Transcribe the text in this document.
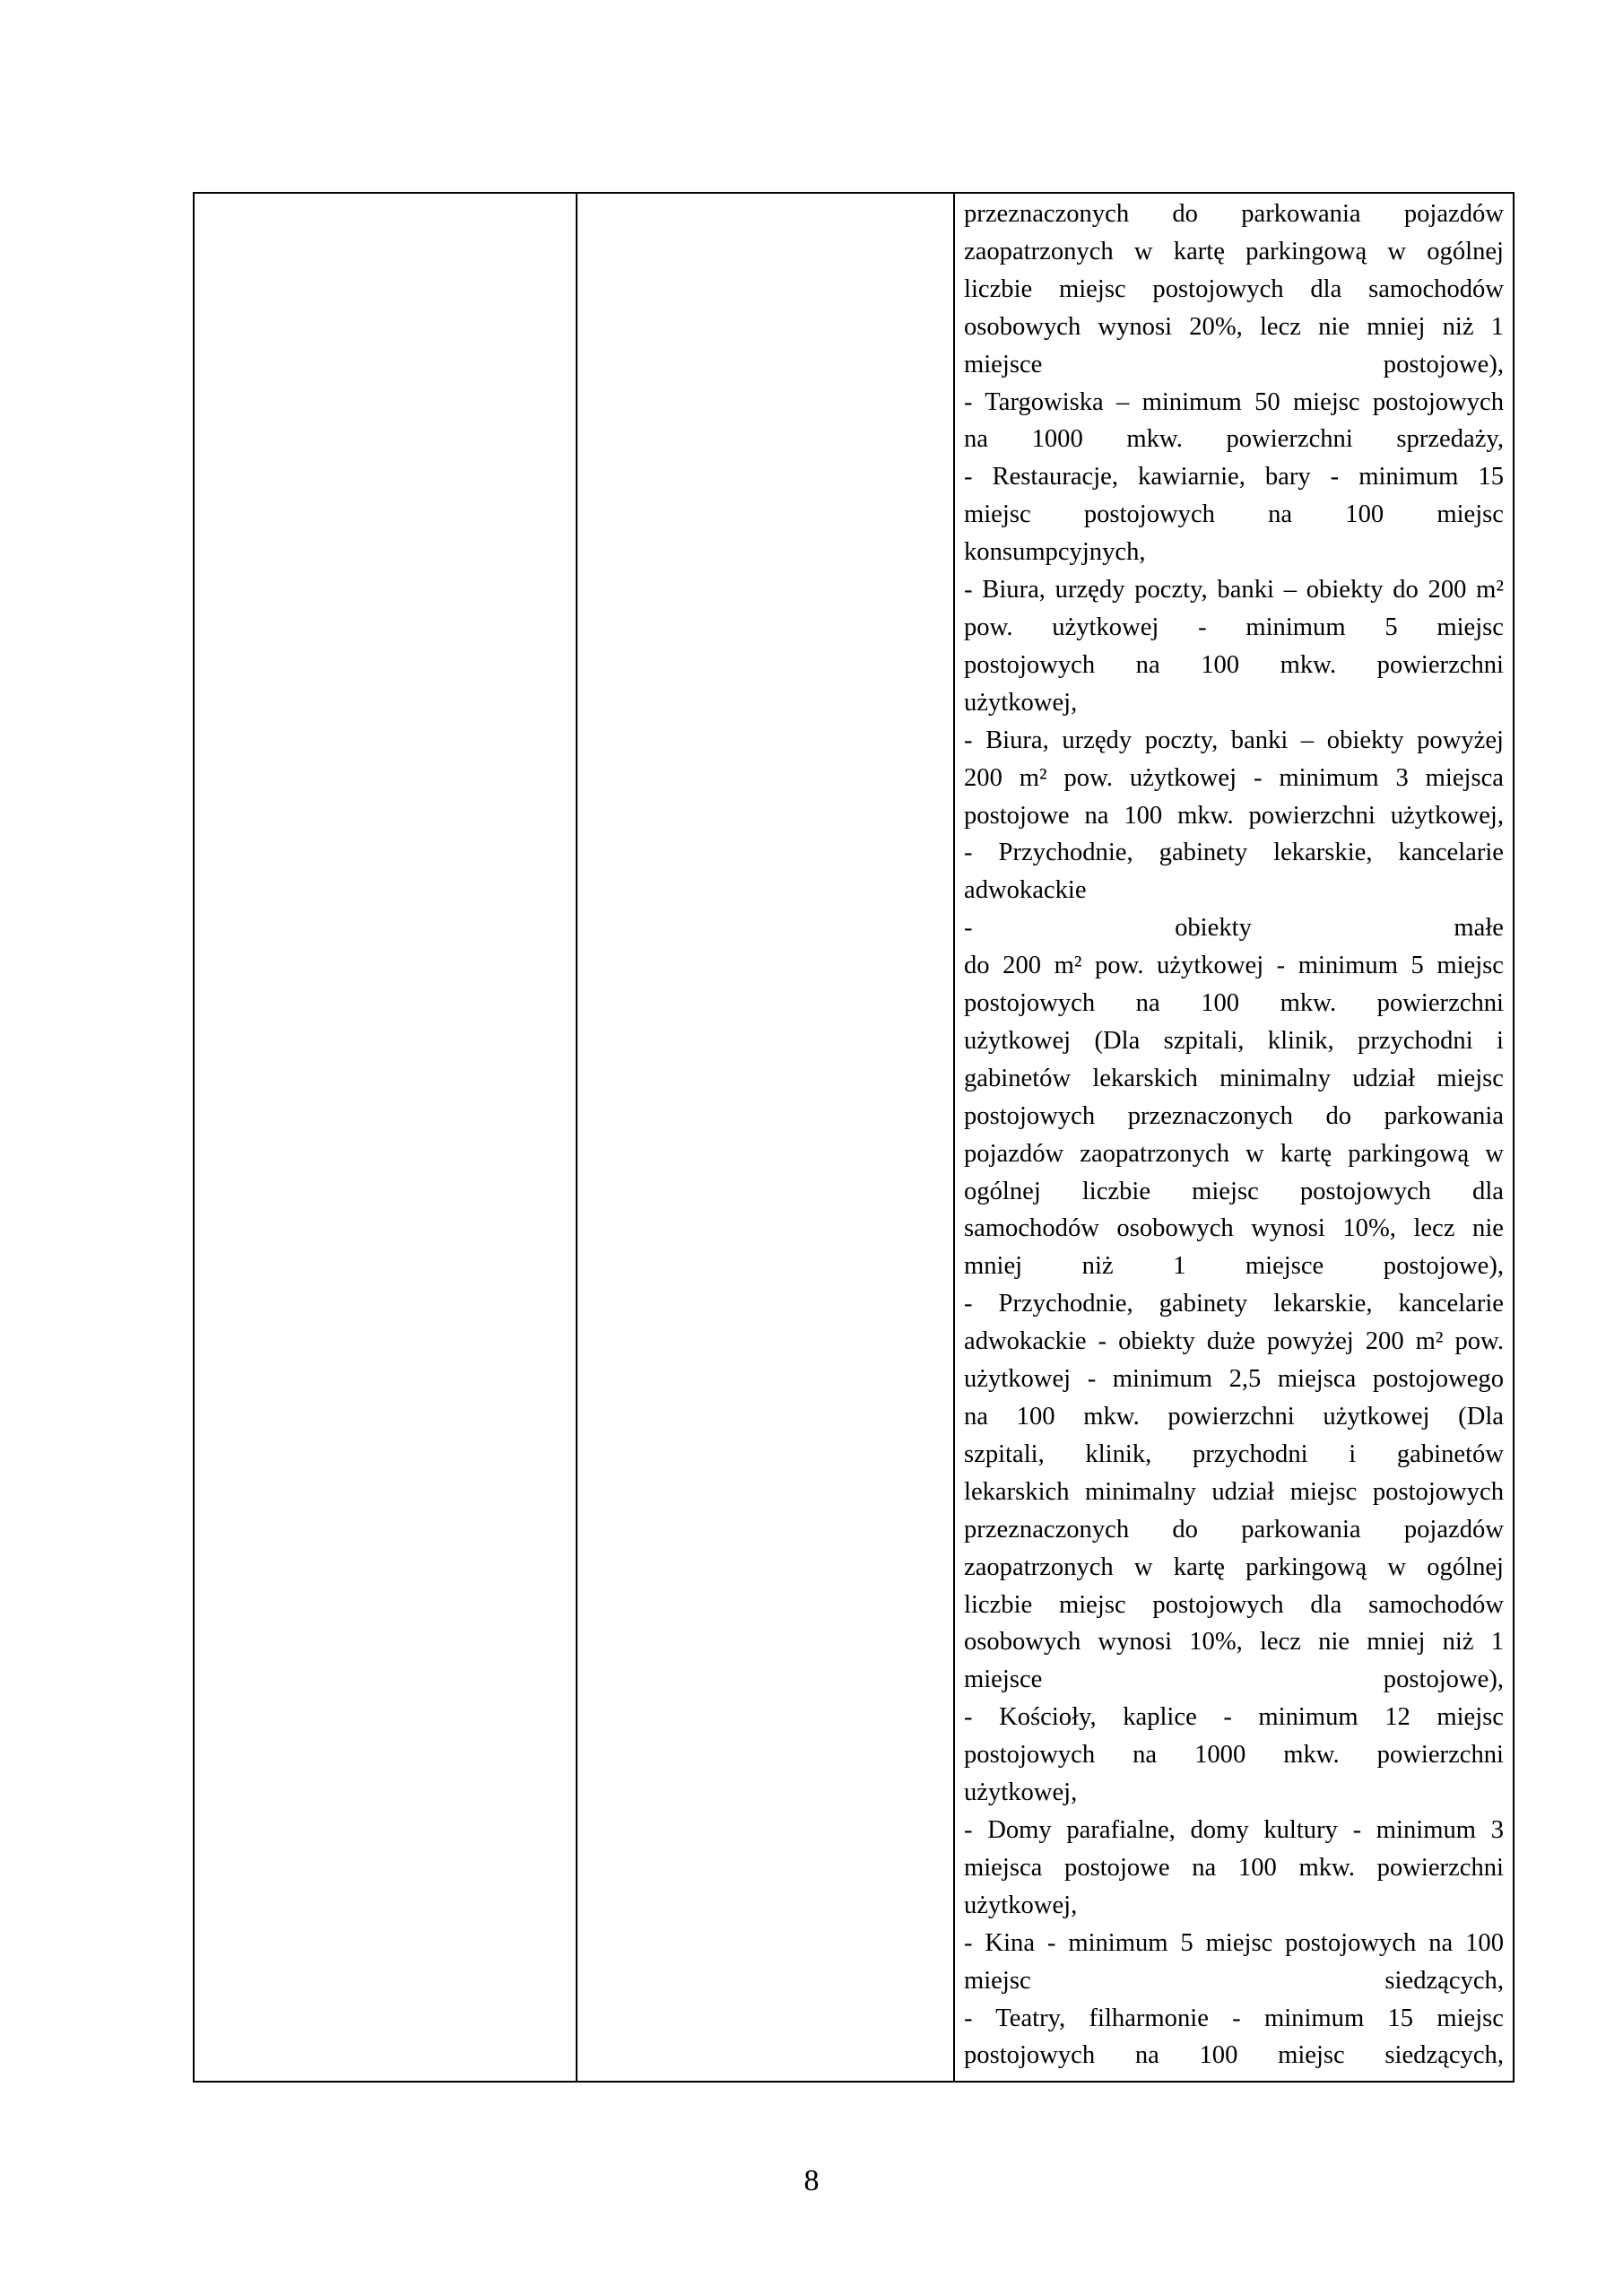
przeznaczonych do parkowania pojazdów
zaopatrzonych w kartę parkingową w ogólnej
liczbie miejsc postojowych dla samochodów
osobowych wynosi 20%, lecz nie mniej niż 1
miejsce postojowe),
- Targowiska – minimum 50 miejsc postojowych
na 1000 mkw. powierzchni sprzedaży,
- Restauracje, kawiarnie, bary - minimum 15
miejsc postojowych na 100 miejsc
konsumpcyjnych,
- Biura, urzędy poczty, banki – obiekty do 200 m²
pow. użytkowej - minimum 5 miejsc
postojowych na 100 mkw. powierzchni
użytkowej,
- Biura, urzędy poczty, banki – obiekty powyżej
200 m² pow. użytkowej - minimum 3 miejsca
postojowe na 100 mkw. powierzchni użytkowej,
- Przychodnie, gabinety lekarskie, kancelarie
adwokackie
- obiekty małe
do 200 m² pow. użytkowej - minimum 5 miejsc
postojowych na 100 mkw. powierzchni
użytkowej (Dla szpitali, klinik, przychodni i
gabinetów lekarskich minimalny udział miejsc
postojowych przeznaczonych do parkowania
pojazdów zaopatrzonych w kartę parkingową w
ogólnej liczbie miejsc postojowych dla
samochodów osobowych wynosi 10%, lecz nie
mniej niż 1 miejsce postojowe),
- Przychodnie, gabinety lekarskie, kancelarie
adwokackie - obiekty duże powyżej 200 m² pow.
użytkowej - minimum 2,5 miejsca postojowego
na 100 mkw. powierzchni użytkowej (Dla
szpitali, klinik, przychodni i gabinetów
lekarskich minimalny udział miejsc postojowych
przeznaczonych do parkowania pojazdów
zaopatrzonych w kartę parkingową w ogólnej
liczbie miejsc postojowych dla samochodów
osobowych wynosi 10%, lecz nie mniej niż 1
miejsce postojowe),
- Kościoły, kaplice - minimum 12 miejsc
postojowych na 1000 mkw. powierzchni
użytkowej,
- Domy parafialne, domy kultury - minimum 3
miejsca postojowe na 100 mkw. powierzchni
użytkowej,
- Kina - minimum 5 miejsc postojowych na 100
miejsc siedzących,
- Teatry, filharmonie - minimum 15 miejsc
postojowych na 100 miejsc siedzących,
8
